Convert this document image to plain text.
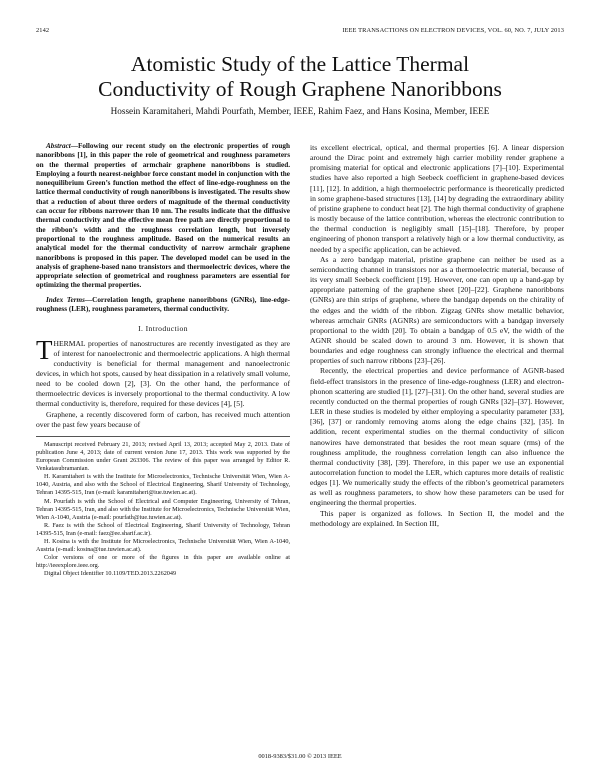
2142	IEEE TRANSACTIONS ON ELECTRON DEVICES, VOL. 60, NO. 7, JULY 2013
Atomistic Study of the Lattice Thermal
Conductivity of Rough Graphene Nanoribbons
Hossein Karamitaheri, Mahdi Pourfath, Member, IEEE, Rahim Faez, and Hans Kosina, Member, IEEE

Abstract—Following our recent study on the electronic properties of rough nanoribbons [1], in this paper the role of geometrical and roughness parameters on the thermal properties of armchair graphene nanoribbons is studied. Employing a fourth nearest-neighbor force constant model in conjunction with the nonequilibrium Green’s function method the effect of line-edge-roughness on the lattice thermal conductivity of rough nanoribbons is investigated. The results show that a reduction of about three orders of magnitude of the thermal conductivity can occur for ribbons narrower than 10 nm. The results indicate that the diffusive thermal conductivity and the effective mean free path are directly proportional to the ribbon’s width and the roughness correlation length, but inversely proportional to the roughness amplitude. Based on the numerical results an analytical model for the thermal conductivity of narrow armchair graphene nanoribbons is proposed in this paper. The developed model can be used in the analysis of graphene-based nano transistors and thermoelectric devices, where the appropriate selection of geometrical and roughness parameters are essential for optimizing the thermal properties.

Index Terms—Correlation length, graphene nanoribbons (GNRs), line-edge-roughness (LER), roughness parameters, thermal conductivity.

I. Introduction

THERMAL properties of nanostructures are recently investigated as they are of interest for nanoelectronic and thermoelectric applications. A high thermal conductivity is beneficial for thermal management and nanoelectronic devices, in which hot spots, caused by heat dissipation in a relatively small volume, need to be cooled down [2], [3]. On the other hand, the performance of thermoelectric devices is inversely proportional to the thermal conductivity. A low thermal conductivity is, therefore, required for these devices [4], [5].

Graphene, a recently discovered form of carbon, has received much attention over the past few years because of

Manuscript received February 21, 2013; revised April 13, 2013; accepted May 2, 2013. Date of publication June 4, 2013; date of current version June 17, 2013. This work was supported by the European Commission under Grant 263306. The review of this paper was arranged by Editor R. Venkatasubramanian.

H. Karamitaheri is with the Institute for Microelectronics, Technische Universität Wien, Wien A-1040, Austria, and also with the School of Electrical Engineering, Sharif University of Technology, Tehran 14395-515, Iran (e-mail: karamitaheri@iue.tuwien.ac.at).

M. Pourfath is with the School of Electrical and Computer Engineering, University of Tehran, Tehran 14395-515, Iran, and also with the Institute for Microelectronics, Technische Universität Wien, Wien A-1040, Austria (e-mail: pourfath@iue.tuwien.ac.at).

R. Faez is with the School of Electrical Engineering, Sharif University of Technology, Tehran 14395-515, Iran (e-mail: faez@ee.sharif.ac.ir).

H. Kosina is with the Institute for Microelectronics, Technische Universität Wien, Wien A-1040, Austria (e-mail: kosina@iue.tuwien.ac.at).

Color versions of one or more of the figures in this paper are available online at http://ieeexplore.ieee.org.

Digital Object Identifier 10.1109/TED.2013.2262049

its excellent electrical, optical, and thermal properties [6]. A linear dispersion around the Dirac point and extremely high carrier mobility render graphene a promising material for optical and electronic applications [7]–[10]. Experimental studies have also reported a high Seebeck coefficient in graphene-based devices [11], [12]. In addition, a high thermoelectric performance is theoretically predicted in some graphene-based structures [13], [14] by degrading the extraordinary ability of pristine graphene to conduct heat [2]. The high thermal conductivity of graphene is mostly because of the lattice contribution, whereas the electronic contribution to the thermal conduction is negligibly small [15]–[18]. Therefore, by proper engineering of phonon transport a relatively high or a low thermal conductivity, as needed by a specific application, can be achieved.

As a zero bandgap material, pristine graphene can neither be used as a semiconducting channel in transistors nor as a thermoelectric material, because of its very small Seebeck coefficient [19]. However, one can open up a band-gap by appropriate patterning of the graphene sheet [20]–[22]. Graphene nanoribbons (GNRs) are thin strips of graphene, where the bandgap depends on the chirality of the edges and the width of the ribbon. Zigzag GNRs show metallic behavior, whereas armchair GNRs (AGNRs) are semiconductors with a bandgap inversely proportional to the width [20]. To obtain a bandgap of 0.5 eV, the width of the AGNR should be scaled down to around 3 nm. However, it is shown that boundaries and edge roughness can strongly influence the electrical and thermal properties of such narrow ribbons [23]–[26].

Recently, the electrical properties and device performance of AGNR-based field-effect transistors in the presence of line-edge-roughness (LER) and electron-phonon scattering are studied [1], [27]–[31]. On the other hand, several studies are recently conducted on the thermal properties of rough GNRs [32]–[37]. However, LER in these studies is modeled by either employing a specularity parameter [33], [36], [37] or randomly removing atoms along the edge chains [32], [35]. In addition, recent experimental studies on the thermal conductivity of silicon nanowires have demonstrated that besides the root mean square (rms) of the roughness amplitude, the roughness correlation length can also influence the thermal conductivity [38], [39]. Therefore, in this paper we use an exponential autocorrelation function to model the LER, which captures more details of realistic edges [1]. We numerically study the effects of the ribbon’s geometrical parameters as well as roughness parameters, to show how these parameters can be used for engineering the thermal properties.

This paper is organized as follows. In Section II, the model and the methodology are explained. In Section III,

0018-9383/$31.00 © 2013 IEEE
